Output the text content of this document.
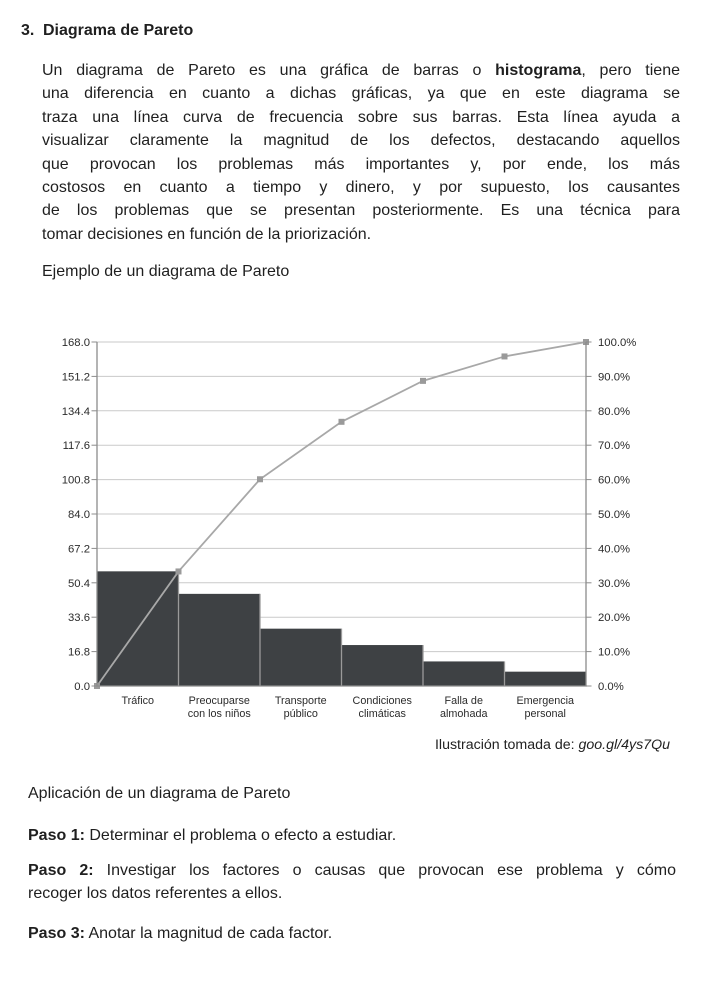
3. Diagrama de Pareto
Un diagrama de Pareto es una gráfica de barras o histograma, pero tiene
una diferencia en cuanto a dichas gráficas, ya que en este diagrama se
traza una línea curva de frecuencia sobre sus barras. Esta línea ayuda a
visualizar claramente la magnitud de los defectos, destacando aquellos
que provocan los problemas más importantes y, por ende, los más
costosos en cuanto a tiempo y dinero, y por supuesto, los causantes
de los problemas que se presentan posteriormente. Es una técnica para
tomar decisiones en función de la priorización.
Ejemplo de un diagrama de Pareto
168.0	100.0%
151.2	90.0%
134.4	80.0%
117.6	70.0%
100.8	60.0%
84.0	50.0%
67.2	40.0%
50.4	30.0%
33.6	20.0%
16.8	10.0%
0.0	0.0%
Tráfico	Preocuparse
con los niños
Transporte
público
Condiciones
climáticas
Falla de
almohada
Emergencia
personal
Ilustración tomada de: goo.gl/4ys7Qu
Aplicación de un diagrama de Pareto
Paso 1: Determinar el problema o efecto a estudiar.
Paso 2: Investigar los factores o causas que provocan ese problema y cómo
recoger los datos referentes a ellos.
Paso 3: Anotar la magnitud de cada factor.
